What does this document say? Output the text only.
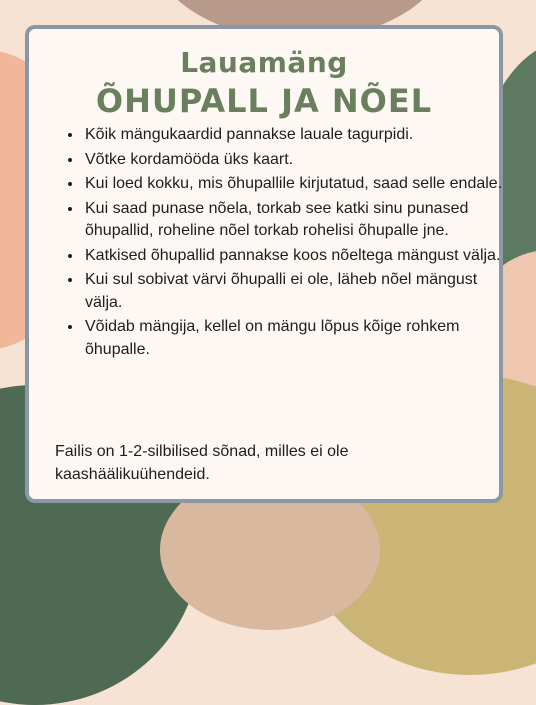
Lauamäng
ÕHUPALL JA NÕEL
• Kõik mängukaardid pannakse lauale tagurpidi.
• Võtke kordamööda üks kaart.
• Kui loed kokku, mis õhupallile kirjutatud, saad selle endale.
• Kui saad punase nõela, torkab see katki sinu punased õhupallid, roheline nõel torkab rohelisi õhupalle jne.
• Katkised õhupallid pannakse koos nõeltega mängust välja.
• Kui sul sobivat värvi õhupalli ei ole, läheb nõel mängust välja.
• Võidab mängija, kellel on mängu lõpus kõige rohkem õhupalle.

Failis on 1-2-silbilised sõnad, milles ei ole kaashäälikuühendeid.
